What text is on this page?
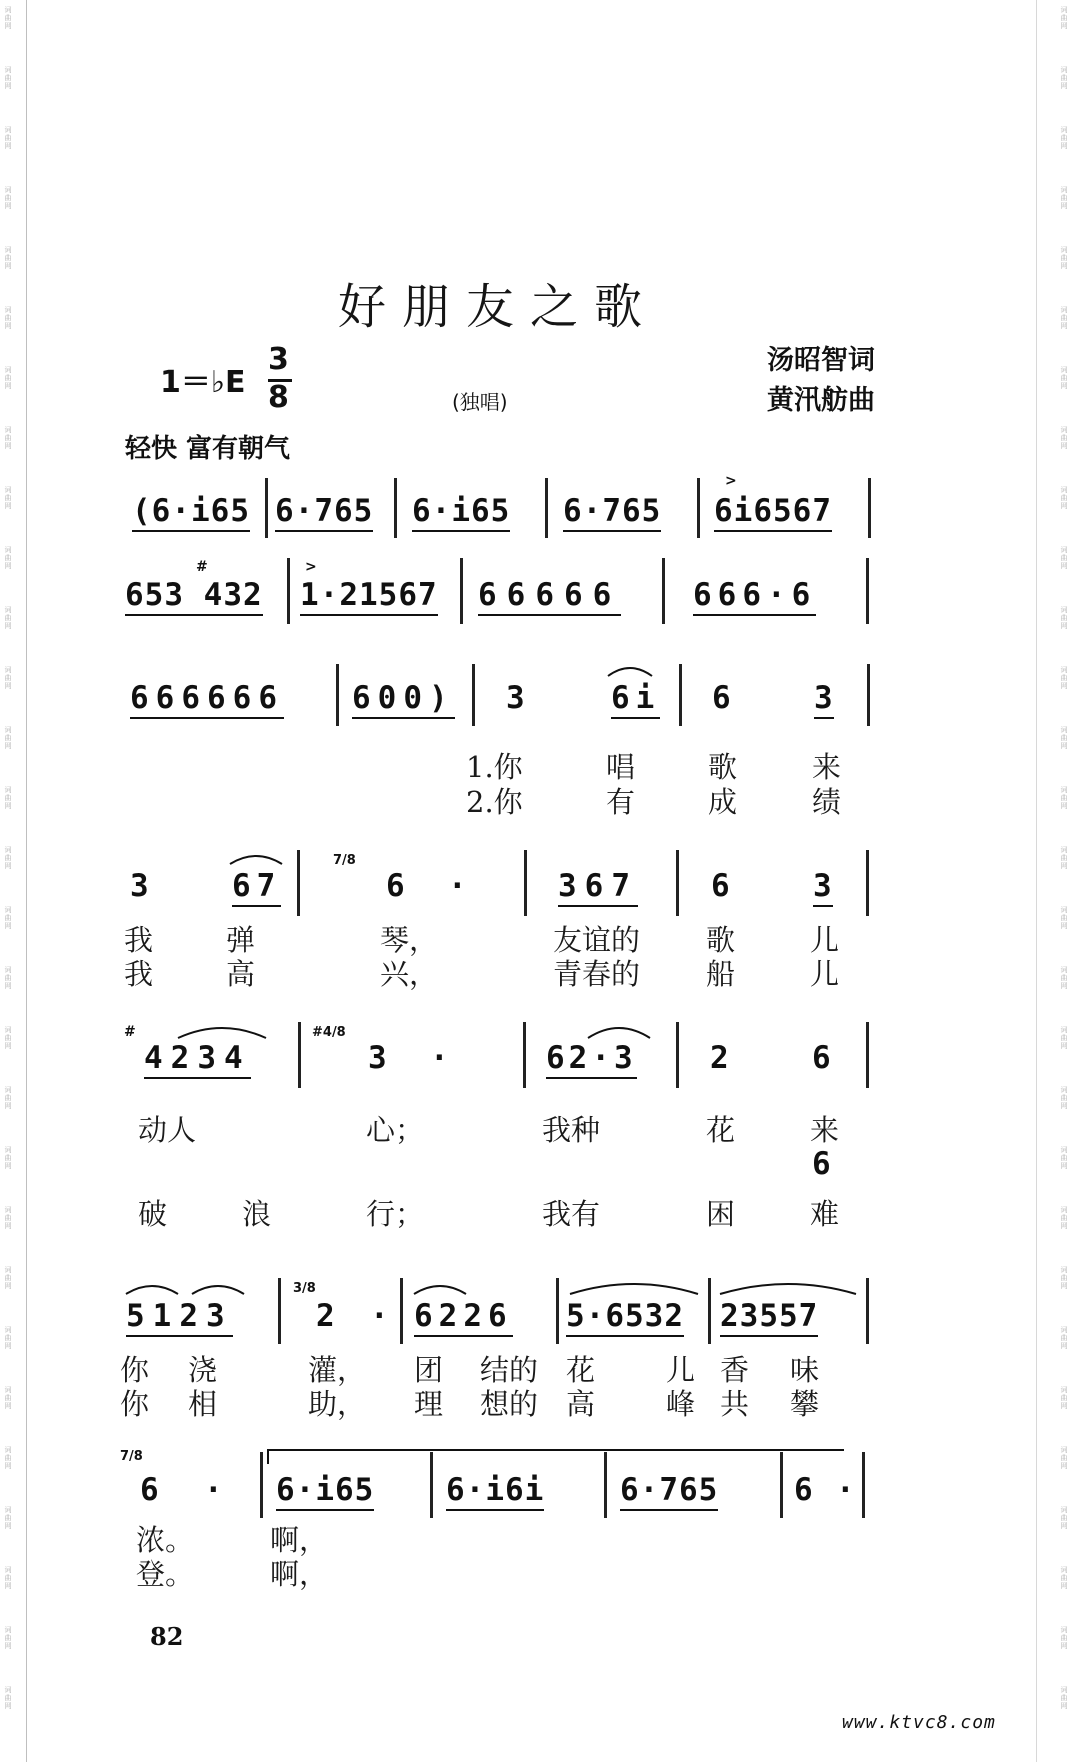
词曲网
词曲网
词曲网
词曲网
词曲网
词曲网
词曲网
词曲网
词曲网
词曲网
词曲网
词曲网
词曲网
词曲网
词曲网
词曲网
词曲网
词曲网
词曲网
词曲网
词曲网
词曲网
词曲网
词曲网
词曲网
词曲网
词曲网
词曲网
词曲网
词曲网
词曲网
词曲网
词曲网
词曲网
词曲网
词曲网
词曲网
词曲网
词曲网
词曲网
词曲网
词曲网
词曲网
词曲网
词曲网
词曲网
词曲网
词曲网
词曲网
词曲网
词曲网
词曲网
词曲网
词曲网
词曲网
词曲网
词曲网
词曲网
好朋友之歌
汤昭智词
黄汛舫曲
1＝♭E
3
8	(独唱)
轻快 富有朝气
(6·i65 6·765 6·i65 6·765
>
6i6567
#
653 432
>
1·21567 66666 666·6
666666 600) 3	6i 6	3
1.你	唱	歌	来
2.你	有	成	绩
3	67
7/8
6 ·	367 6	3
我	弹	琴，	友谊的 歌	儿
我	高	兴，	青春的 船	儿
#
4234
#4/8
3 ·	62·3 2	6
动人	心；	我种	花	来
6
破	浪	行；	我有	困	难
5123
3/8
2 · 6226 5·6532 23557
你 浇	灌， 团 结的 花 儿 香 味
你 相	助， 理 想的 高 峰 共 攀
7/8
6 · 6·i65 6·i6i 6·765 6 ·
浓。	啊，
登。	啊，
82
www.ktvc8.com
